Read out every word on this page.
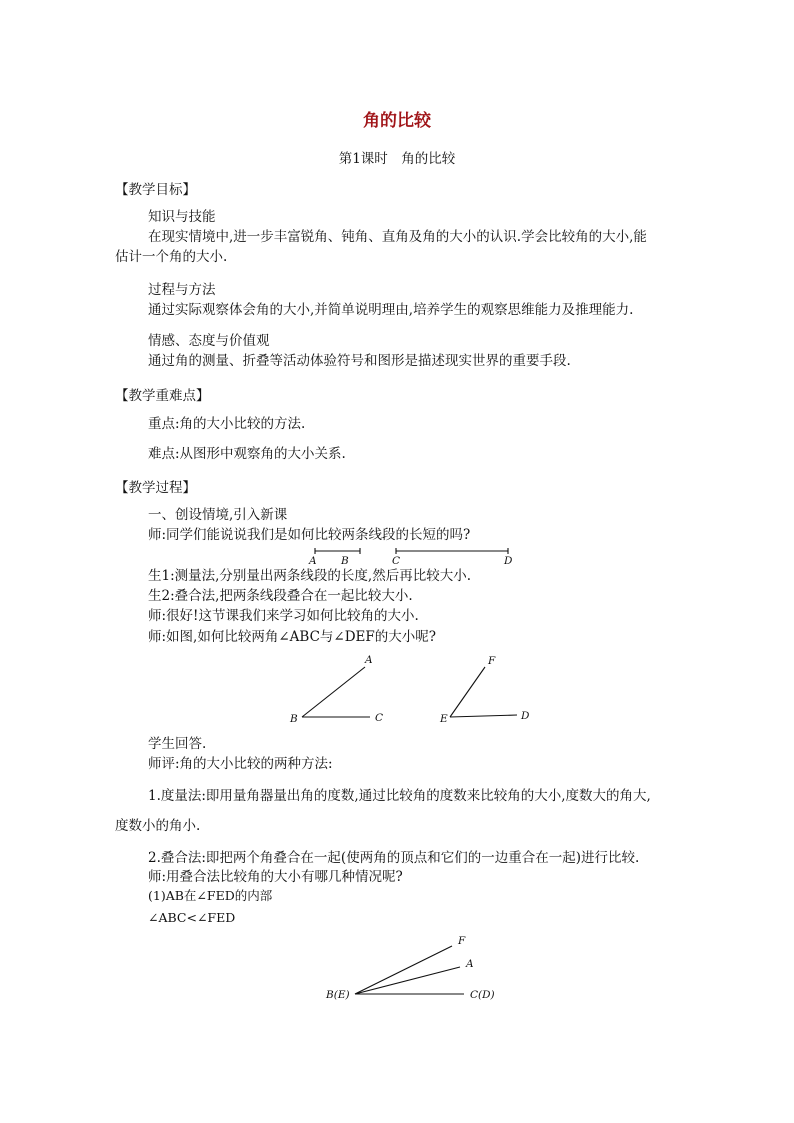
角的比较
第1课时　角的比较
【教学目标】
知识与技能
在现实情境中,进一步丰富锐角、钝角、直角及角的大小的认识.学会比较角的大小,能
估计一个角的大小.
过程与方法
通过实际观察体会角的大小,并简单说明理由,培养学生的观察思维能力及推理能力.
情感、态度与价值观
通过角的测量、折叠等活动体验符号和图形是描述现实世界的重要手段.
【教学重难点】
重点:角的大小比较的方法.
难点:从图形中观察角的大小关系.
【教学过程】
一、创设情境,引入新课
师:同学们能说说我们是如何比较两条线段的长短的吗?
A B	C	D
生1:测量法,分别量出两条线段的长度,然后再比较大小.
生2:叠合法,把两条线段叠合在一起比较大小.
师:很好!这节课我们来学习如何比较角的大小.
师:如图,如何比较两角∠ABC与∠DEF的大小呢?
A
B	C
F
E	D
学生回答.
师评:角的大小比较的两种方法:
1.度量法:即用量角器量出角的度数,通过比较角的度数来比较角的大小,度数大的角大,
度数小的角小.
2.叠合法:即把两个角叠合在一起(使两角的顶点和它们的一边重合在一起)进行比较.
师:用叠合法比较角的大小有哪几种情况呢?
(1)AB在∠FED的内部
∠ABC<∠FED
F
A
B(E)	C(D)
